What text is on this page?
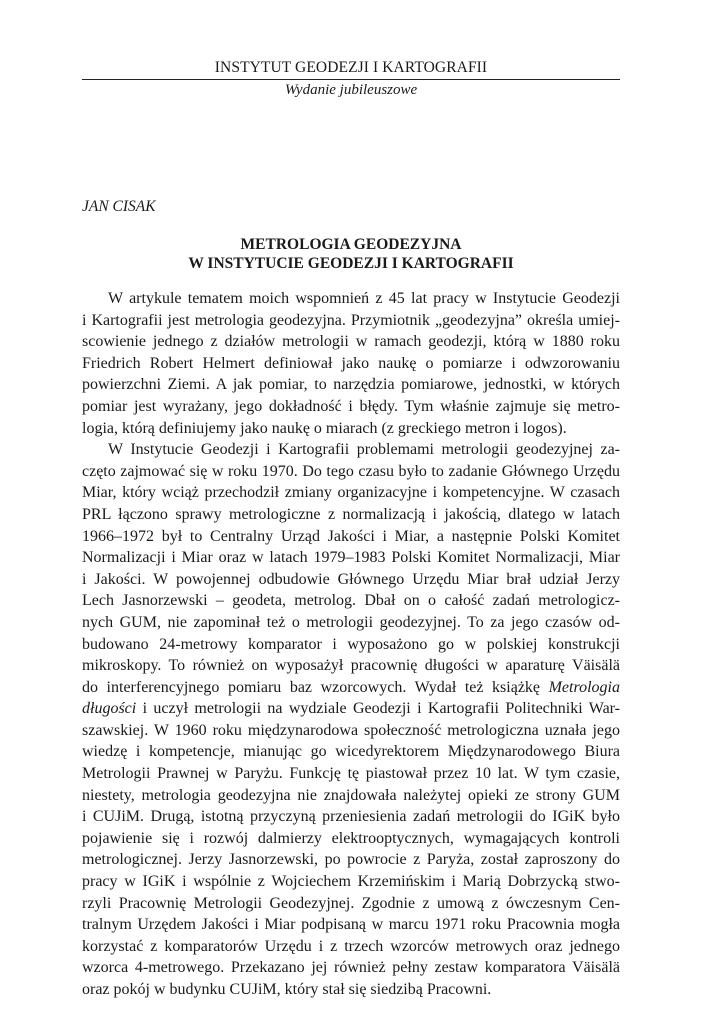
INSTYTUT GEODEZJI I KARTOGRAFII
Wydanie jubileuszowe
JAN CISAK
METROLOGIA GEODEZYJNA
W INSTYTUCIE GEODEZJI I KARTOGRAFII
W artykule tematem moich wspomnień z 45 lat pracy w Instytucie Geodezji
i Kartografii jest metrologia geodezyjna. Przymiotnik „geodezyjna” określa umiej-
scowienie jednego z działów metrologii w ramach geodezji, którą w 1880 roku
Friedrich Robert Helmert definiował jako naukę o pomiarze i odwzorowaniu
powierzchni Ziemi. A jak pomiar, to narzędzia pomiarowe, jednostki, w których
pomiar jest wyrażany, jego dokładność i błędy. Tym właśnie zajmuje się metro-
logia, którą definiujemy jako naukę o miarach (z greckiego metron i logos).
W Instytucie Geodezji i Kartografii problemami metrologii geodezyjnej za-
częto zajmować się w roku 1970. Do tego czasu było to zadanie Głównego Urzędu
Miar, który wciąż przechodził zmiany organizacyjne i kompetencyjne. W czasach
PRL łączono sprawy metrologiczne z normalizacją i jakością, dlatego w latach
1966–1972 był to Centralny Urząd Jakości i Miar, a następnie Polski Komitet
Normalizacji i Miar oraz w latach 1979–1983 Polski Komitet Normalizacji, Miar
i Jakości. W powojennej odbudowie Głównego Urzędu Miar brał udział Jerzy
Lech Jasnorzewski – geodeta, metrolog. Dbał on o całość zadań metrologicz-
nych GUM, nie zapominał też o metrologii geodezyjnej. To za jego czasów od-
budowano 24-metrowy komparator i wyposażono go w polskiej konstrukcji
mikroskopy. To również on wyposażył pracownię długości w aparaturę Väisälä
do interferencyjnego pomiaru baz wzorcowych. Wydał też książkę Metrologia
długości i uczył metrologii na wydziale Geodezji i Kartografii Politechniki War-
szawskiej. W 1960 roku międzynarodowa społeczność metrologiczna uznała jego
wiedzę i kompetencje, mianując go wicedyrektorem Międzynarodowego Biura
Metrologii Prawnej w Paryżu. Funkcję tę piastował przez 10 lat. W tym czasie,
niestety, metrologia geodezyjna nie znajdowała należytej opieki ze strony GUM
i CUJiM. Drugą, istotną przyczyną przeniesienia zadań metrologii do IGiK było
pojawienie się i rozwój dalmierzy elektrooptycznych, wymagających kontroli
metrologicznej. Jerzy Jasnorzewski, po powrocie z Paryża, został zaproszony do
pracy w IGiK i wspólnie z Wojciechem Krzemińskim i Marią Dobrzycką stwo-
rzyli Pracownię Metrologii Geodezyjnej. Zgodnie z umową z ówczesnym Cen-
tralnym Urzędem Jakości i Miar podpisaną w marcu 1971 roku Pracownia mogła
korzystać z komparatorów Urzędu i z trzech wzorców metrowych oraz jednego
wzorca 4-metrowego. Przekazano jej również pełny zestaw komparatora Väisälä
oraz pokój w budynku CUJiM, który stał się siedzibą Pracowni.
